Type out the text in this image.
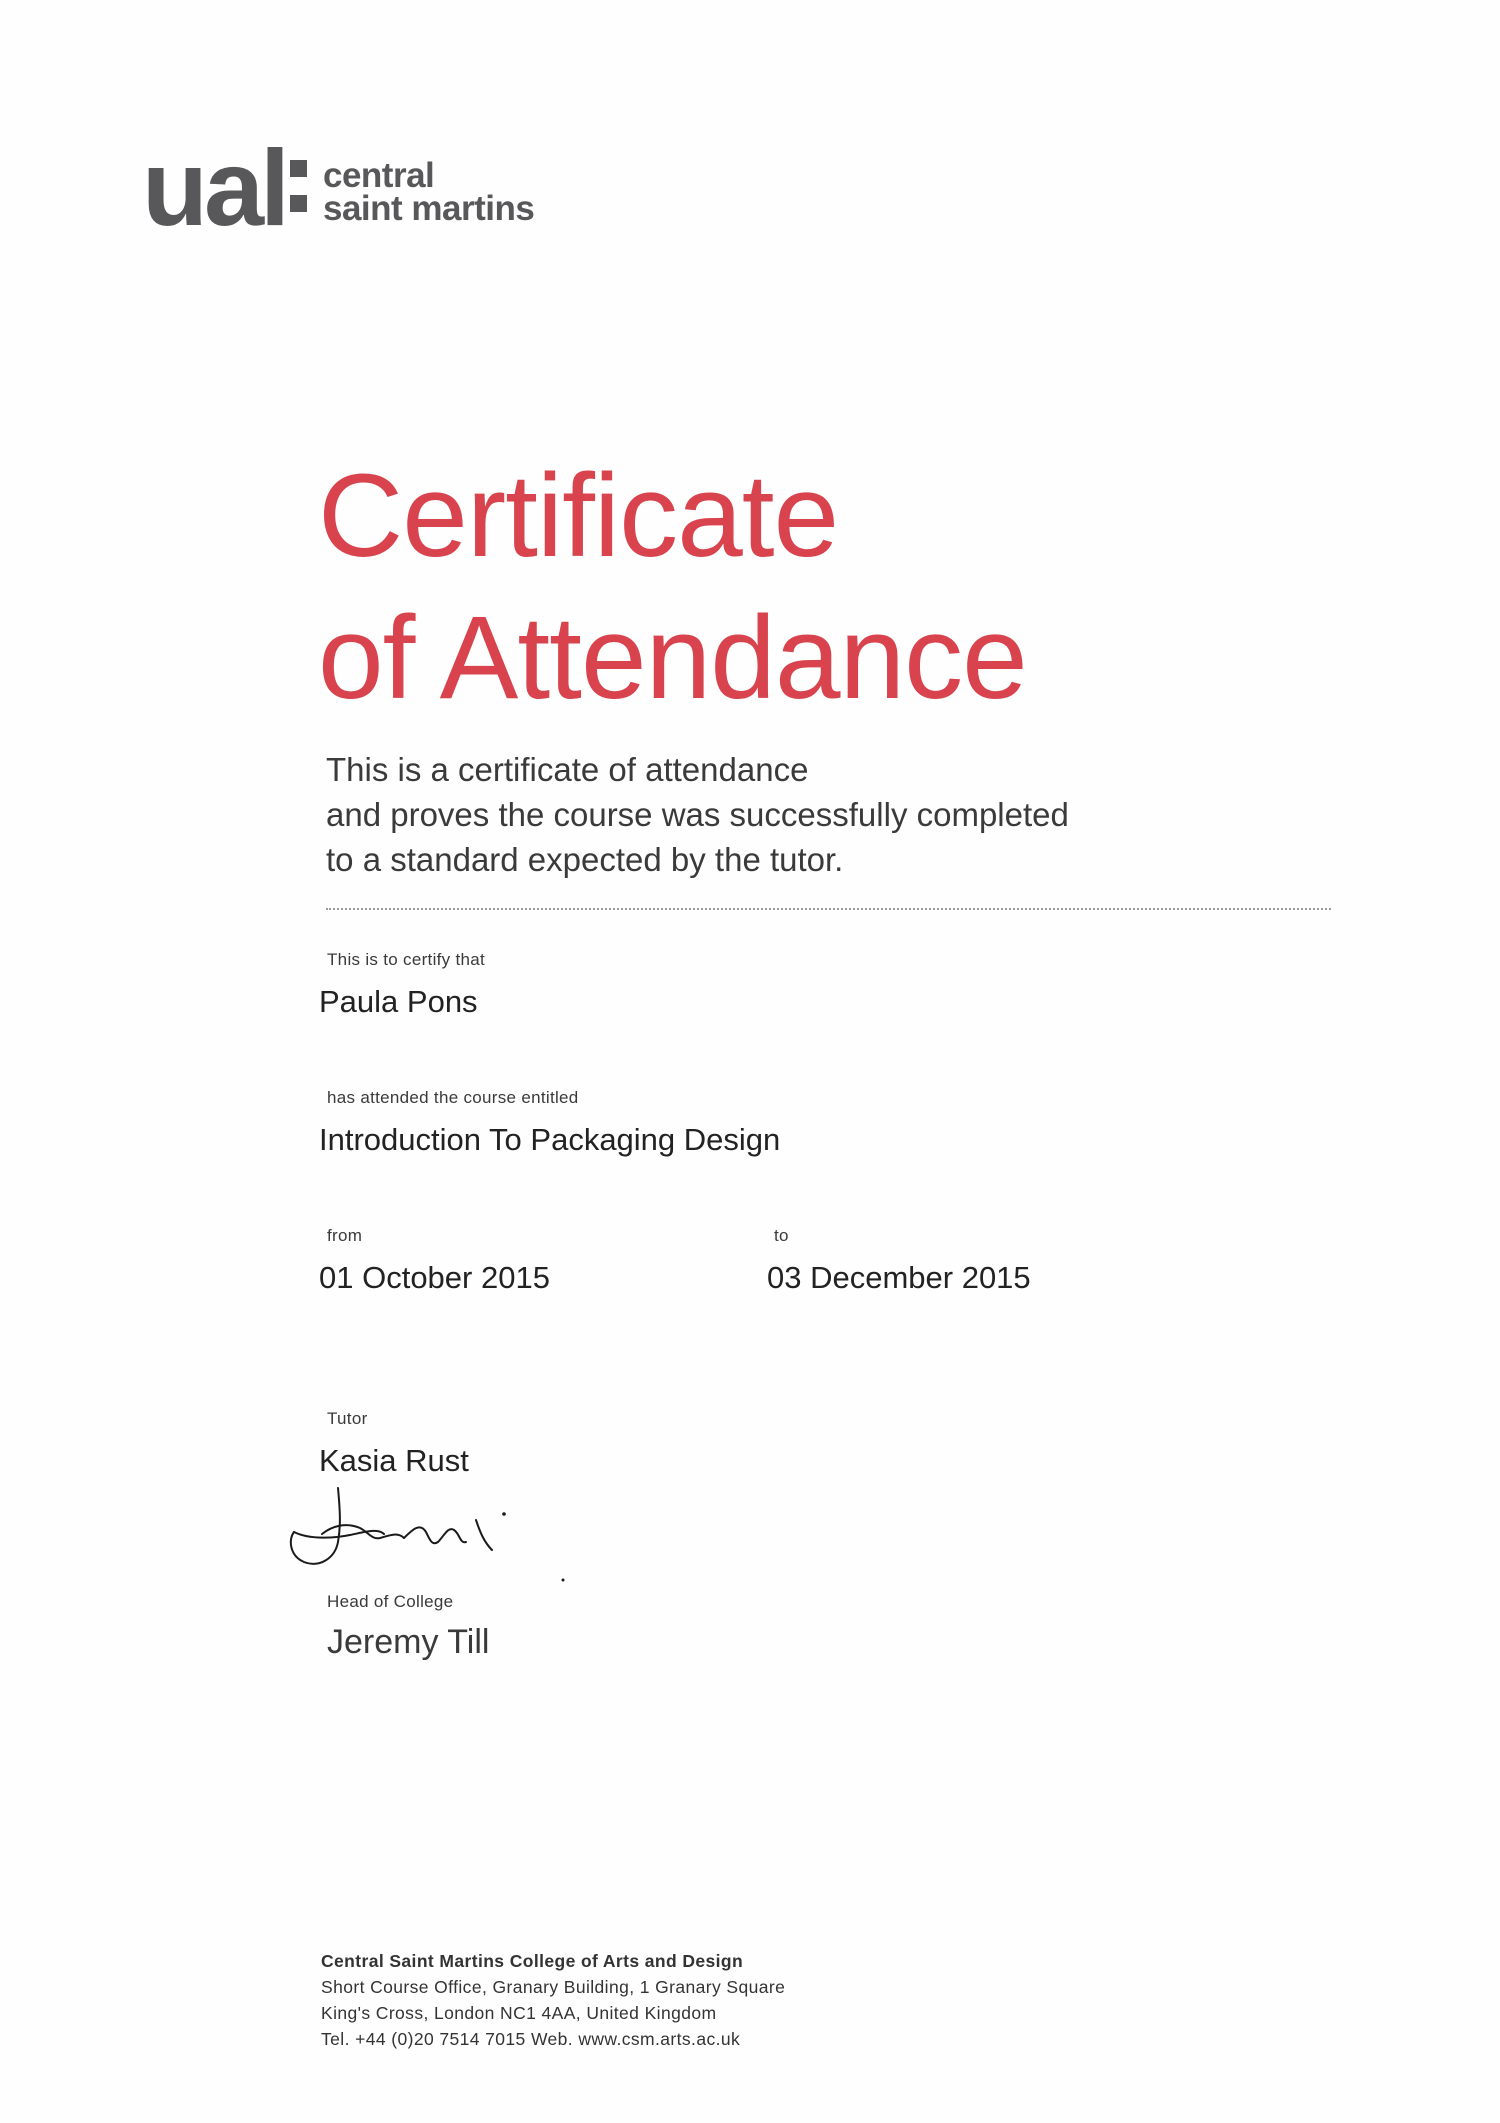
ual central
saint martins
Certificate
of Attendance
This is a certificate of attendance
and proves the course was successfully completed
to a standard expected by the tutor.
This is to certify that
Paula Pons
has attended the course entitled
Introduction To Packaging Design
from
01 October 2015
to
03 December 2015
Tutor
Kasia Rust
Head of College
Jeremy Till
Central Saint Martins College of Arts and Design
Short Course Office, Granary Building, 1 Granary Square
King's Cross, London NC1 4AA, United Kingdom
Tel. +44 (0)20 7514 7015 Web. www.csm.arts.ac.uk
